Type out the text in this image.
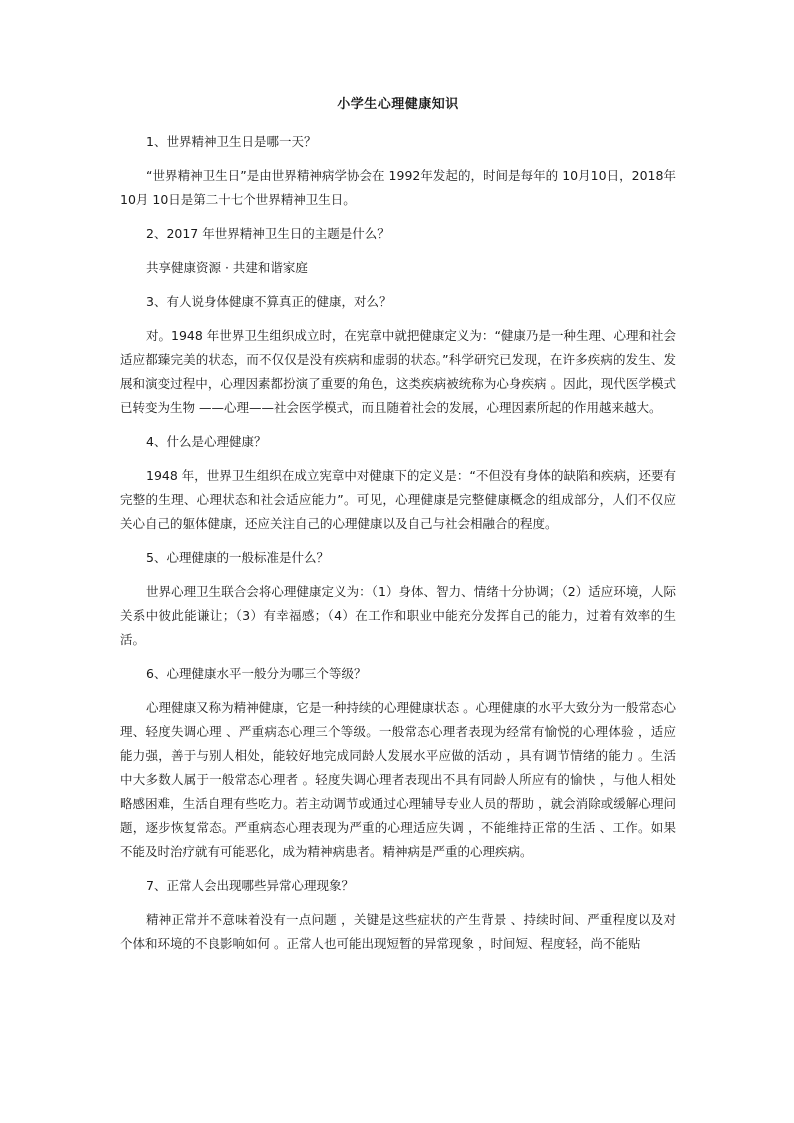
小学生心理健康知识

1、世界精神卫生日是哪一天？

“世界精神卫生日”是由世界精神病学协会在 1992年发起的，时间是每年的 10月10日，2018年 10月 10日是第二十七个世界精神卫生日。

2、2017 年世界精神卫生日的主题是什么？

共享健康资源 · 共建和谐家庭

3、有人说身体健康不算真正的健康，对么？

对。1948 年世界卫生组织成立时，在宪章中就把健康定义为：“健康乃是一种生理、心理和社会适应都臻完美的状态，而不仅仅是没有疾病和虚弱的状态。”科学研究已发现，在许多疾病的发生、发展和演变过程中，心理因素都扮演了重要的角色，这类疾病被统称为心身疾病 。因此，现代医学模式已转变为生物 ——心理——社会医学模式，而且随着社会的发展，心理因素所起的作用越来越大。

4、什么是心理健康？

1948 年，世界卫生组织在成立宪章中对健康下的定义是：“不但没有身体的缺陷和疾病，还要有完整的生理、心理状态和社会适应能力”。可见，心理健康是完整健康概念的组成部分，人们不仅应关心自己的躯体健康，还应关注自己的心理健康以及自己与社会相融合的程度。

5、心理健康的一般标准是什么？

世界心理卫生联合会将心理健康定义为：（1）身体、智力、情绪十分协调；（2）适应环境，人际关系中彼此能谦让；（3）有幸福感；（4）在工作和职业中能充分发挥自己的能力，过着有效率的生活。

6、心理健康水平一般分为哪三个等级？

心理健康又称为精神健康，它是一种持续的心理健康状态 。心理健康的水平大致分为一般常态心理、轻度失调心理 、严重病态心理三个等级。一般常态心理者表现为经常有愉悦的心理体验 ，适应能力强，善于与别人相处，能较好地完成同龄人发展水平应做的活动 ，具有调节情绪的能力 。生活中大多数人属于一般常态心理者 。轻度失调心理者表现出不具有同龄人所应有的愉快 ，与他人相处略感困难，生活自理有些吃力。若主动调节或通过心理辅导专业人员的帮助 ，就会消除或缓解心理问题，逐步恢复常态。严重病态心理表现为严重的心理适应失调 ，不能维持正常的生活 、工作。如果不能及时治疗就有可能恶化，成为精神病患者。精神病是严重的心理疾病。

7、正常人会出现哪些异常心理现象？

精神正常并不意味着没有一点问题 ，关键是这些症状的产生背景 、持续时间、严重程度以及对个体和环境的不良影响如何 。正常人也可能出现短暂的异常现象 ，时间短、程度轻，尚不能贴
